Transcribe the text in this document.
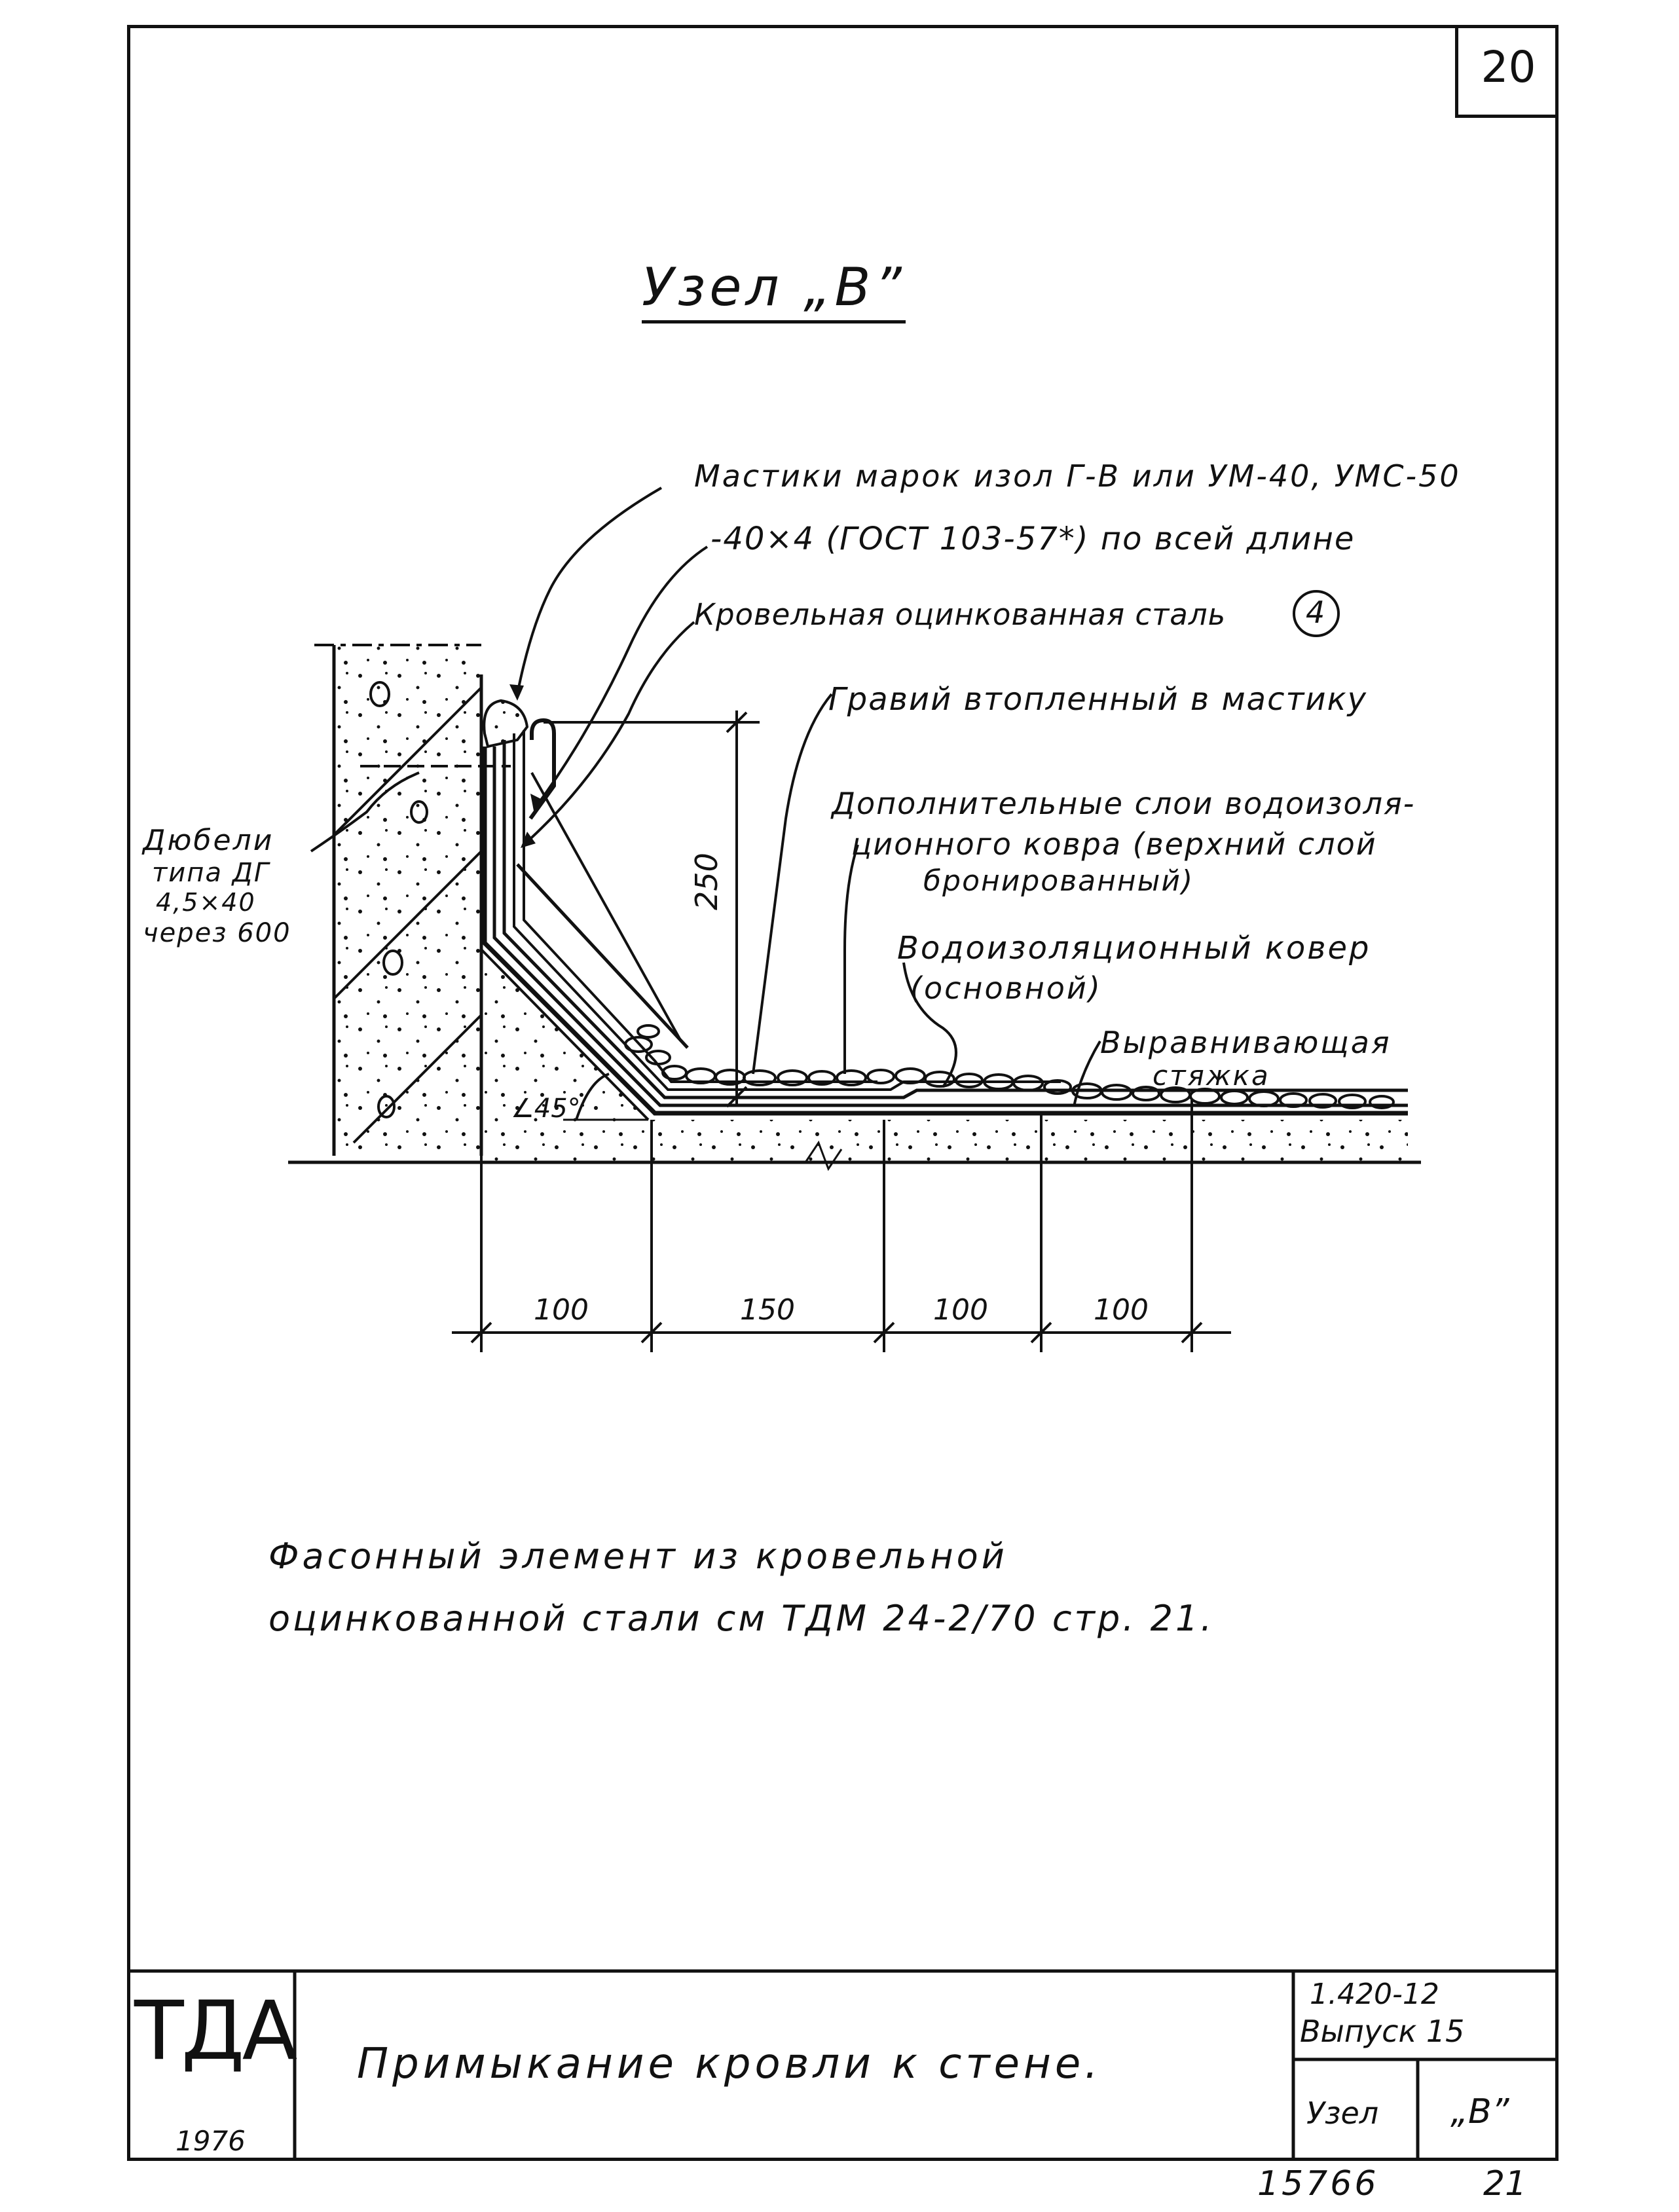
20
Узел „В”
Мастики марок изол Г-В или УМ-40, УМС-50
-40×4 (ГОСТ 103-57*) по всей длине
Кровельная оцинкованная сталь	4
Гравий втопленный в мастику
Дополнительные слои водоизоля-
ционного ковра (верхний слой
бронированный)
Водоизоляционный ковер
(основной)
Выравнивающая
стяжка
Дюбели
типа ДГ
4,5×40
через 600
250
∠45°
100	150	100	100
Фасонный элемент из кровельной
оцинкованной стали см ТДМ 24-2/70 стр. 21.
ТДА
1976
Примыкание кровли к стене.
1.420-12
Выпуск 15
Узел „В”
15766	21
